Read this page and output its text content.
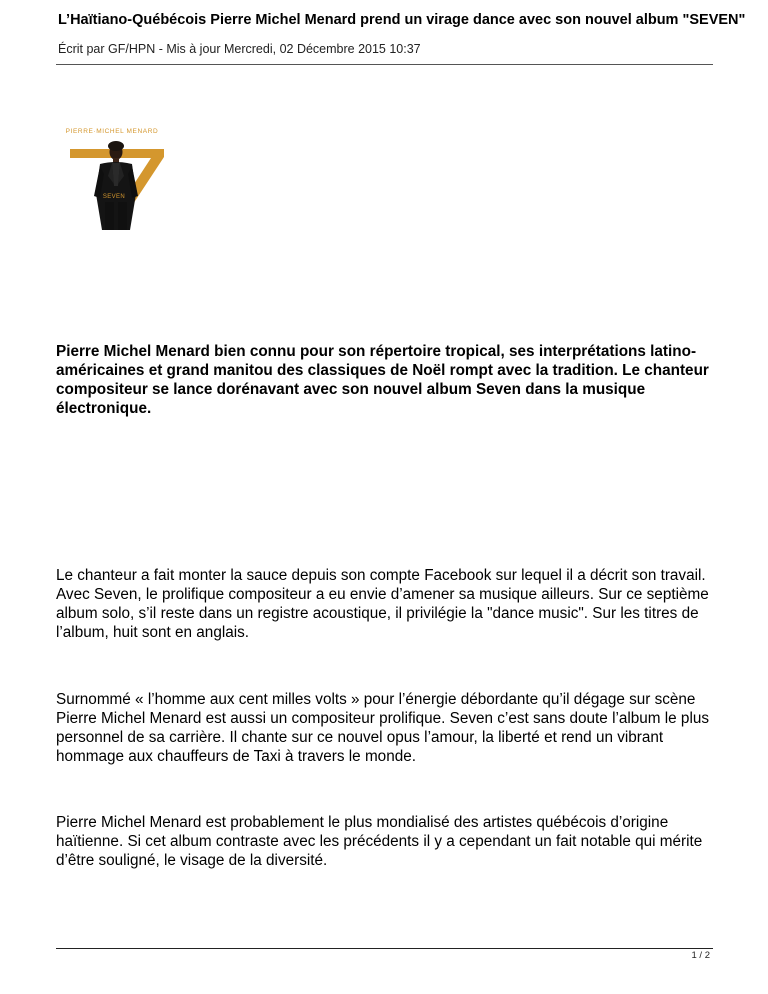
L’Haïtiano-Québécois Pierre Michel Menard prend un virage dance avec son nouvel album "SEVEN"
Écrit par GF/HPN - Mis à jour Mercredi, 02 Décembre 2015 10:37
PIERRE·MICHEL MENARD
SEVEN
Pierre Michel Menard bien connu pour son répertoire tropical, ses interprétations latino-américaines et grand manitou des classiques de Noël rompt avec la tradition. Le chanteur compositeur se lance dorénavant avec son nouvel album Seven dans la musique électronique.
Le chanteur a fait monter la sauce depuis son compte Facebook sur lequel il a décrit son travail. Avec Seven, le prolifique compositeur a eu envie d’amener sa musique ailleurs. Sur ce septième album solo, s’il reste dans un registre acoustique, il privilégie la "dance music". Sur les titres de l’album, huit sont en anglais.
Surnommé « l’homme aux cent milles volts » pour l’énergie débordante qu’il dégage sur scène Pierre Michel Menard est aussi un compositeur prolifique. Seven c’est sans doute l’album le plus personnel de sa carrière. Il chante sur ce nouvel opus l’amour, la liberté et rend un vibrant hommage aux chauffeurs de Taxi à travers le monde.
Pierre Michel Menard est probablement le plus mondialisé des artistes québécois d’origine haïtienne. Si cet album contraste avec les précédents il y a cependant un fait notable qui mérite d’être souligné, le visage de la diversité.
1 / 2
